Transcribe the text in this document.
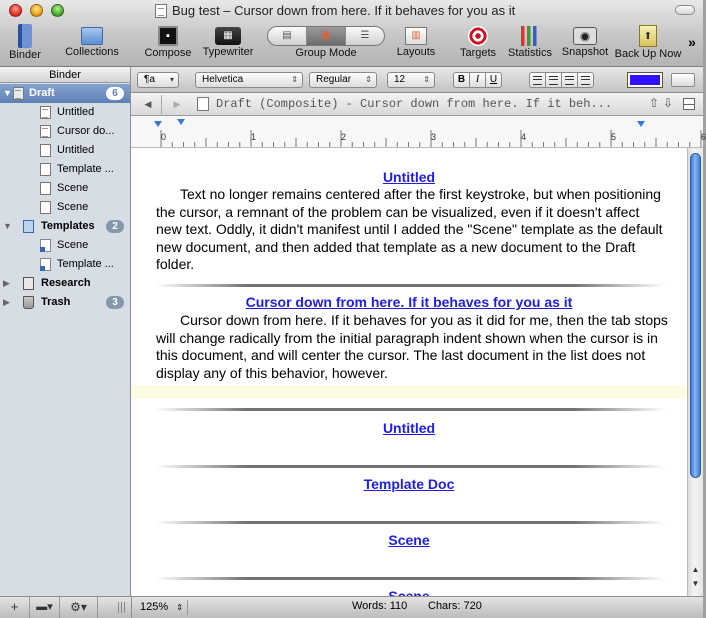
Bug test – Cursor down from here. If it behaves for you as it
Binder	Collections
▪
Compose
▦
Typewriter
▤	▣	☰
Group Mode
▥
Layouts	Targets	Statistics Snapshot
⬆
Back Up Now
»
Binder
▼ Draft	6
Untitled
Cursor do...
Untitled
Template ...
Scene
Scene
▼	Templates	2
Scene
Template ...
▶	Research
▶	Trash	3
¶a ▾	Helvetica	⇕	Regular ⇕	12 ⇕	B	I	U
◀	▶	Draft (Composite) - Cursor down from here. If it beh...	⇧ ⇩
0	1	2	3	4	5	6
Untitled
Text no longer remains centered after the first keystroke, but when positioning the cursor, a remnant of the problem can be visualized, even if it doesn't affect new text. Oddly, it didn't manifest until I added the "Scene" template as the default new document, and then added that template as a new document to the Draft folder.
Cursor down from here. If it behaves for you as it
Cursor down from here. If it behaves for you as it did for me, then the tab stops will change radically from the initial paragraph indent shown when the cursor is in this document, and will center the cursor. The last document in the list does not display any of this behavior, however.
Untitled
Template Doc
Scene
▲
▼
+	▬▾	⚙▾	125% ⇕	Words: 110 Chars: 720
